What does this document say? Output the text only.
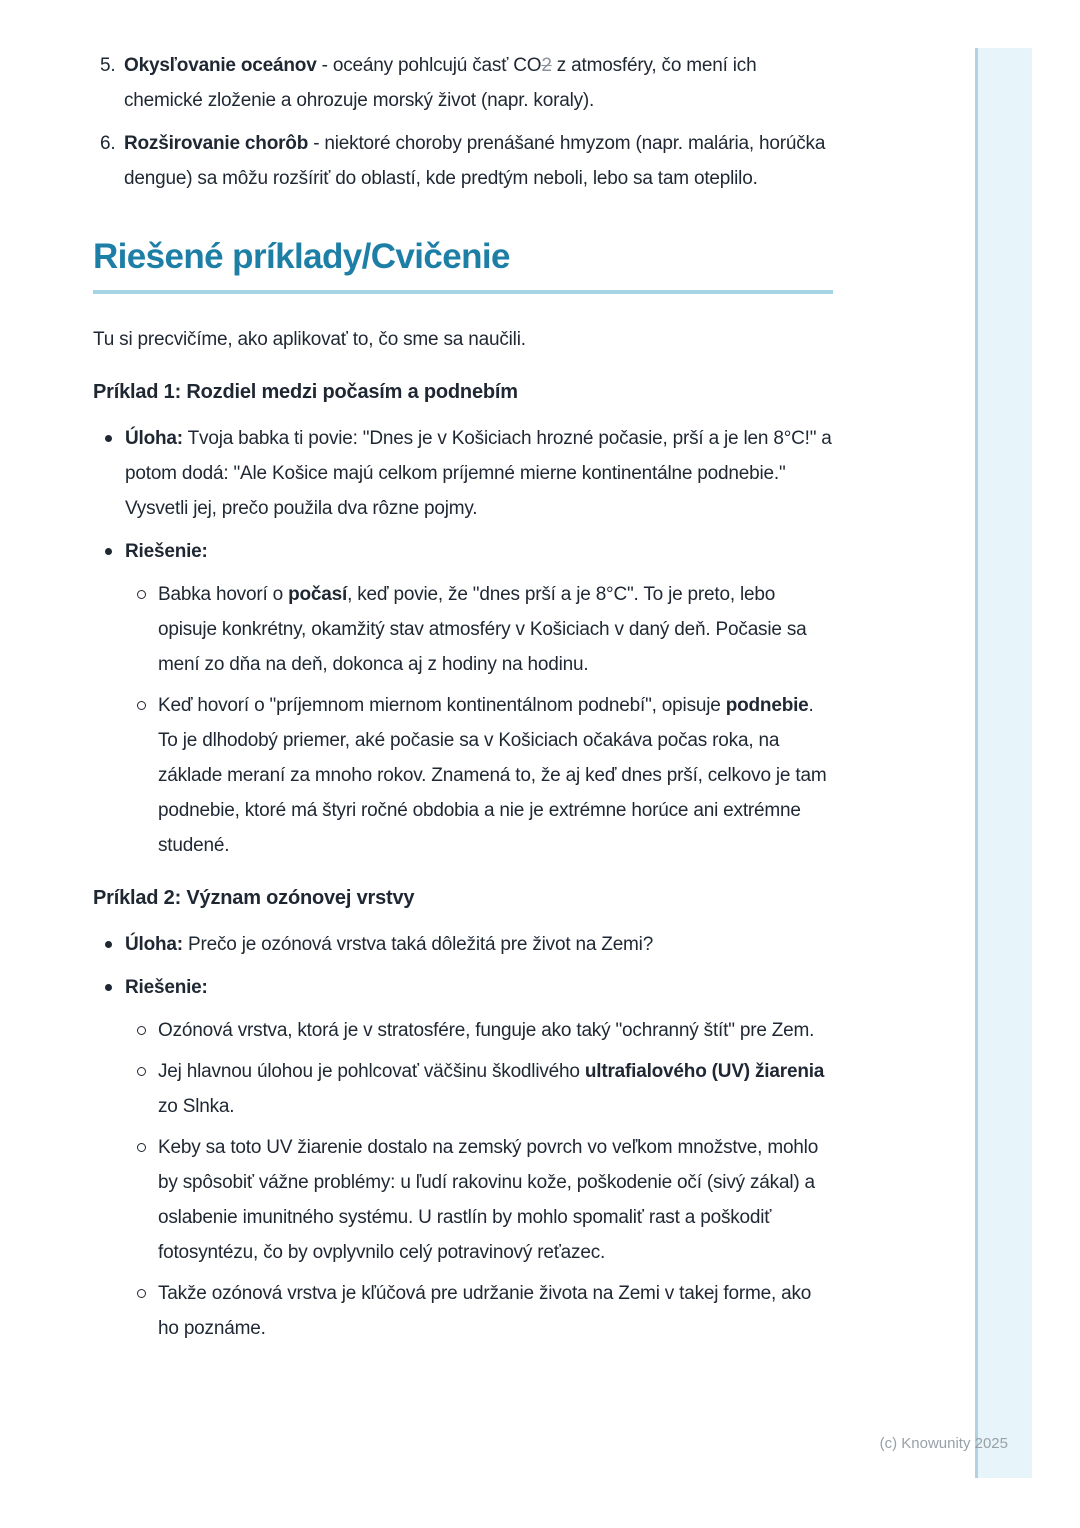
5. Okysľovanie oceánov - oceány pohlcujú časť CO2 z atmosféry, čo mení ich chemické zloženie a ohrozuje morský život (napr. koraly).
6. Rozširovanie chorôb - niektoré choroby prenášané hmyzom (napr. malária, horúčka dengue) sa môžu rozšíriť do oblastí, kde predtým neboli, lebo sa tam oteplilo.
Riešené príklady/Cvičenie

Tu si precvičíme, ako aplikovať to, čo sme sa naučili.

Príklad 1: Rozdiel medzi počasím a podnebím
Úloha: Tvoja babka ti povie: "Dnes je v Košiciach hrozné počasie, prší a je len 8°C!" a potom dodá: "Ale Košice majú celkom príjemné mierne kontinentálne podnebie." Vysvetli jej, prečo použila dva rôzne pojmy.
Riešenie:
Babka hovorí o počasí, keď povie, že "dnes prší a je 8°C". To je preto, lebo opisuje konkrétny, okamžitý stav atmosféry v Košiciach v daný deň. Počasie sa mení zo dňa na deň, dokonca aj z hodiny na hodinu.
Keď hovorí o "príjemnom miernom kontinentálnom podnebí", opisuje podnebie. To je dlhodobý priemer, aké počasie sa v Košiciach očakáva počas roka, na základe meraní za mnoho rokov. Znamená to, že aj keď dnes prší, celkovo je tam podnebie, ktoré má štyri ročné obdobia a nie je extrémne horúce ani extrémne studené.
Príklad 2: Význam ozónovej vrstvy
Úloha: Prečo je ozónová vrstva taká dôležitá pre život na Zemi?
Riešenie:
Ozónová vrstva, ktorá je v stratosfére, funguje ako taký "ochranný štít" pre Zem.
Jej hlavnou úlohou je pohlcovať väčšinu škodlivého ultrafialového (UV) žiarenia zo Slnka.
Keby sa toto UV žiarenie dostalo na zemský povrch vo veľkom množstve, mohlo by spôsobiť vážne problémy: u ľudí rakovinu kože, poškodenie očí (sivý zákal) a oslabenie imunitného systému. U rastlín by mohlo spomaliť rast a poškodiť fotosyntézu, čo by ovplyvnilo celý potravinový reťazec.
Takže ozónová vrstva je kľúčová pre udržanie života na Zemi v takej forme, ako ho poznáme.
(c) Knowunity 2025
